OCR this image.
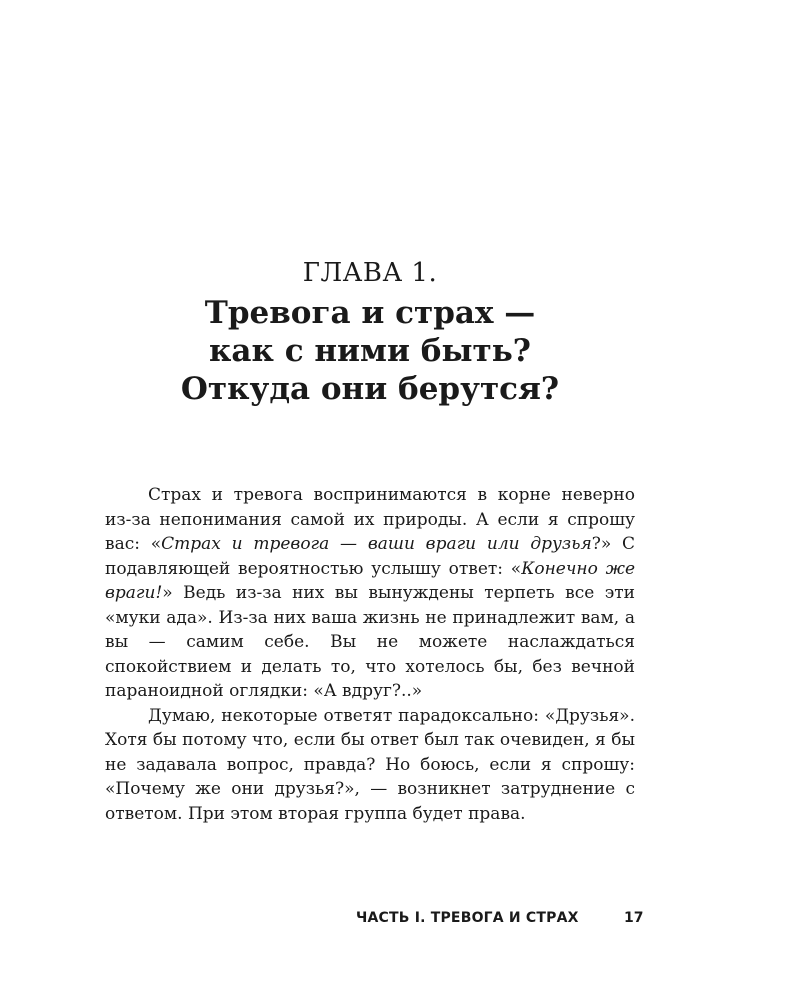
ГЛАВА 1.
Тревога и страх —
как с ними быть?
Откуда они берутся?

Страх и тревога воспринимаются в корне неверно из-за непонимания самой их природы. А если я спрошу вас: «Страх и тревога — ваши враги или друзья?» С подавляющей вероятностью услышу ответ: «Конечно же враги!» Ведь из-за них вы вынуждены терпеть все эти «муки ада». Из-за них ваша жизнь не принадлежит вам, а вы — самим себе. Вы не можете наслаждаться спокойствием и делать то, что хотелось бы, без вечной параноидной оглядки: «А вдруг?..»

Думаю, некоторые ответят парадоксально: «Друзья». Хотя бы потому что, если бы ответ был так очевиден, я бы не задавала вопрос, правда? Но боюсь, если я спрошу: «Почему же они друзья?», — возникнет затруднение с ответом. При этом вторая группа будет права.

ЧАСТЬ I. ТРЕВОГА И СТРАХ	17
